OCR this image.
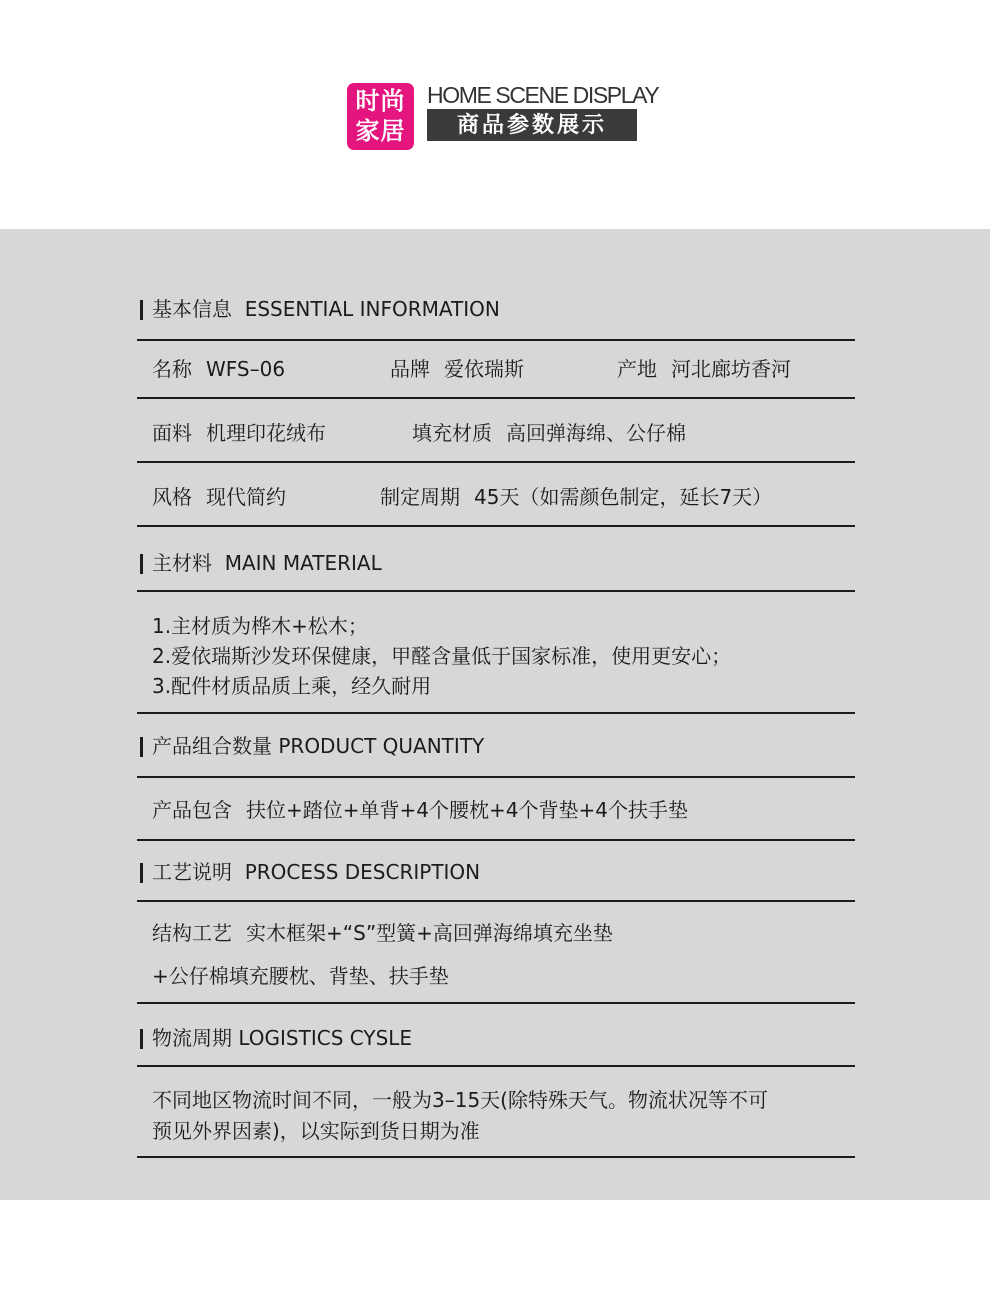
时尚
家居
HOME SCENE DISPLAY
商品参数展示
基本信息 ESSENTIAL INFORMATION
名称 WFS–06	品牌 爱依瑞斯	产地 河北廊坊香河
面料 机理印花绒布	填充材质 高回弹海绵、公仔棉
风格 现代简约	制定周期 45天（如需颜色制定，延长7天）
主材料 MAIN MATERIAL
1.主材质为桦木+松木；
2.爱依瑞斯沙发环保健康，甲醛含量低于国家标准，使用更安心；
3.配件材质品质上乘，经久耐用
产品组合数量 PRODUCT QUANTITY
产品包含 扶位+踏位+单背+4个腰枕+4个背垫+4个扶手垫
工艺说明 PROCESS DESCRIPTION
结构工艺 实木框架+“S”型簧+高回弹海绵填充坐垫
+公仔棉填充腰枕、背垫、扶手垫
物流周期 LOGISTICS CYSLE
不同地区物流时间不同，一般为3–15天(除特殊天气。物流状况等不可
预见外界因素)，以实际到货日期为准
